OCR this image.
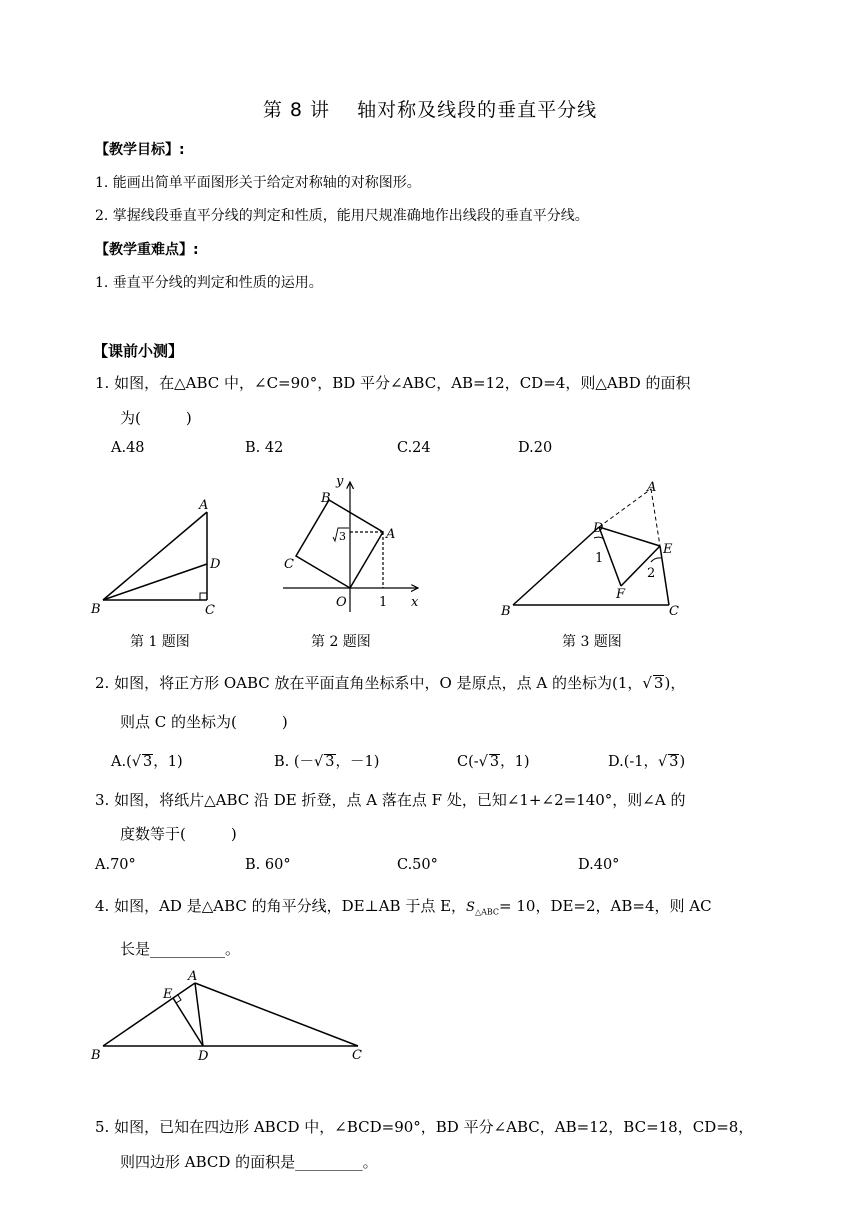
第 8 讲　 轴对称及线段的垂直平分线
【教学目标】:
1. 能画出简单平面图形关于给定对称轴的对称图形。
2. 掌握线段垂直平分线的判定和性质，能用尺规准确地作出线段的垂直平分线。
【教学重难点】:
1. 垂直平分线的判定和性质的运用。
【课前小测】
1. 如图，在△ABC 中，∠C=90°，BD 平分∠ABC，AB=12，CD=4，则△ABD 的面积
为(　　　)
A.48	B. 42	C.24	D.20
A
D
B	C
第 1 题图
y
B
A
C
O 1 x
3
第 2 题图
A
D
E
1
2
F
B	C
第 3 题图
2. 如图，将正方形 OABC 放在平面直角坐标系中，O 是原点，点 A 的坐标为(1，√ 3)，
则点 C 的坐标为(　　　)
A.(√ 3，1)	B. (－√ 3，－1)	C(-√ 3，1)	D.(-1，√ 3)
3. 如图，将纸片△ABC 沿 DE 折登，点 A 落在点 F 处，已知∠1+∠2=140°，则∠A 的
度数等于(　　　)
A.70°	B. 60°	C.50°	D.40°
4. 如图，AD 是△ABC 的角平分线，DE⊥AB 于点 E，$S_{\triangle ABC}= 10$，DE=2，AB=4，则 AC
长是__________。
A
E
B	D	C
5. 如图，已知在四边形 ABCD 中，∠BCD=90°，BD 平分∠ABC，AB=12，BC=18，CD=8，
则四边形 ABCD 的面积是_________。
